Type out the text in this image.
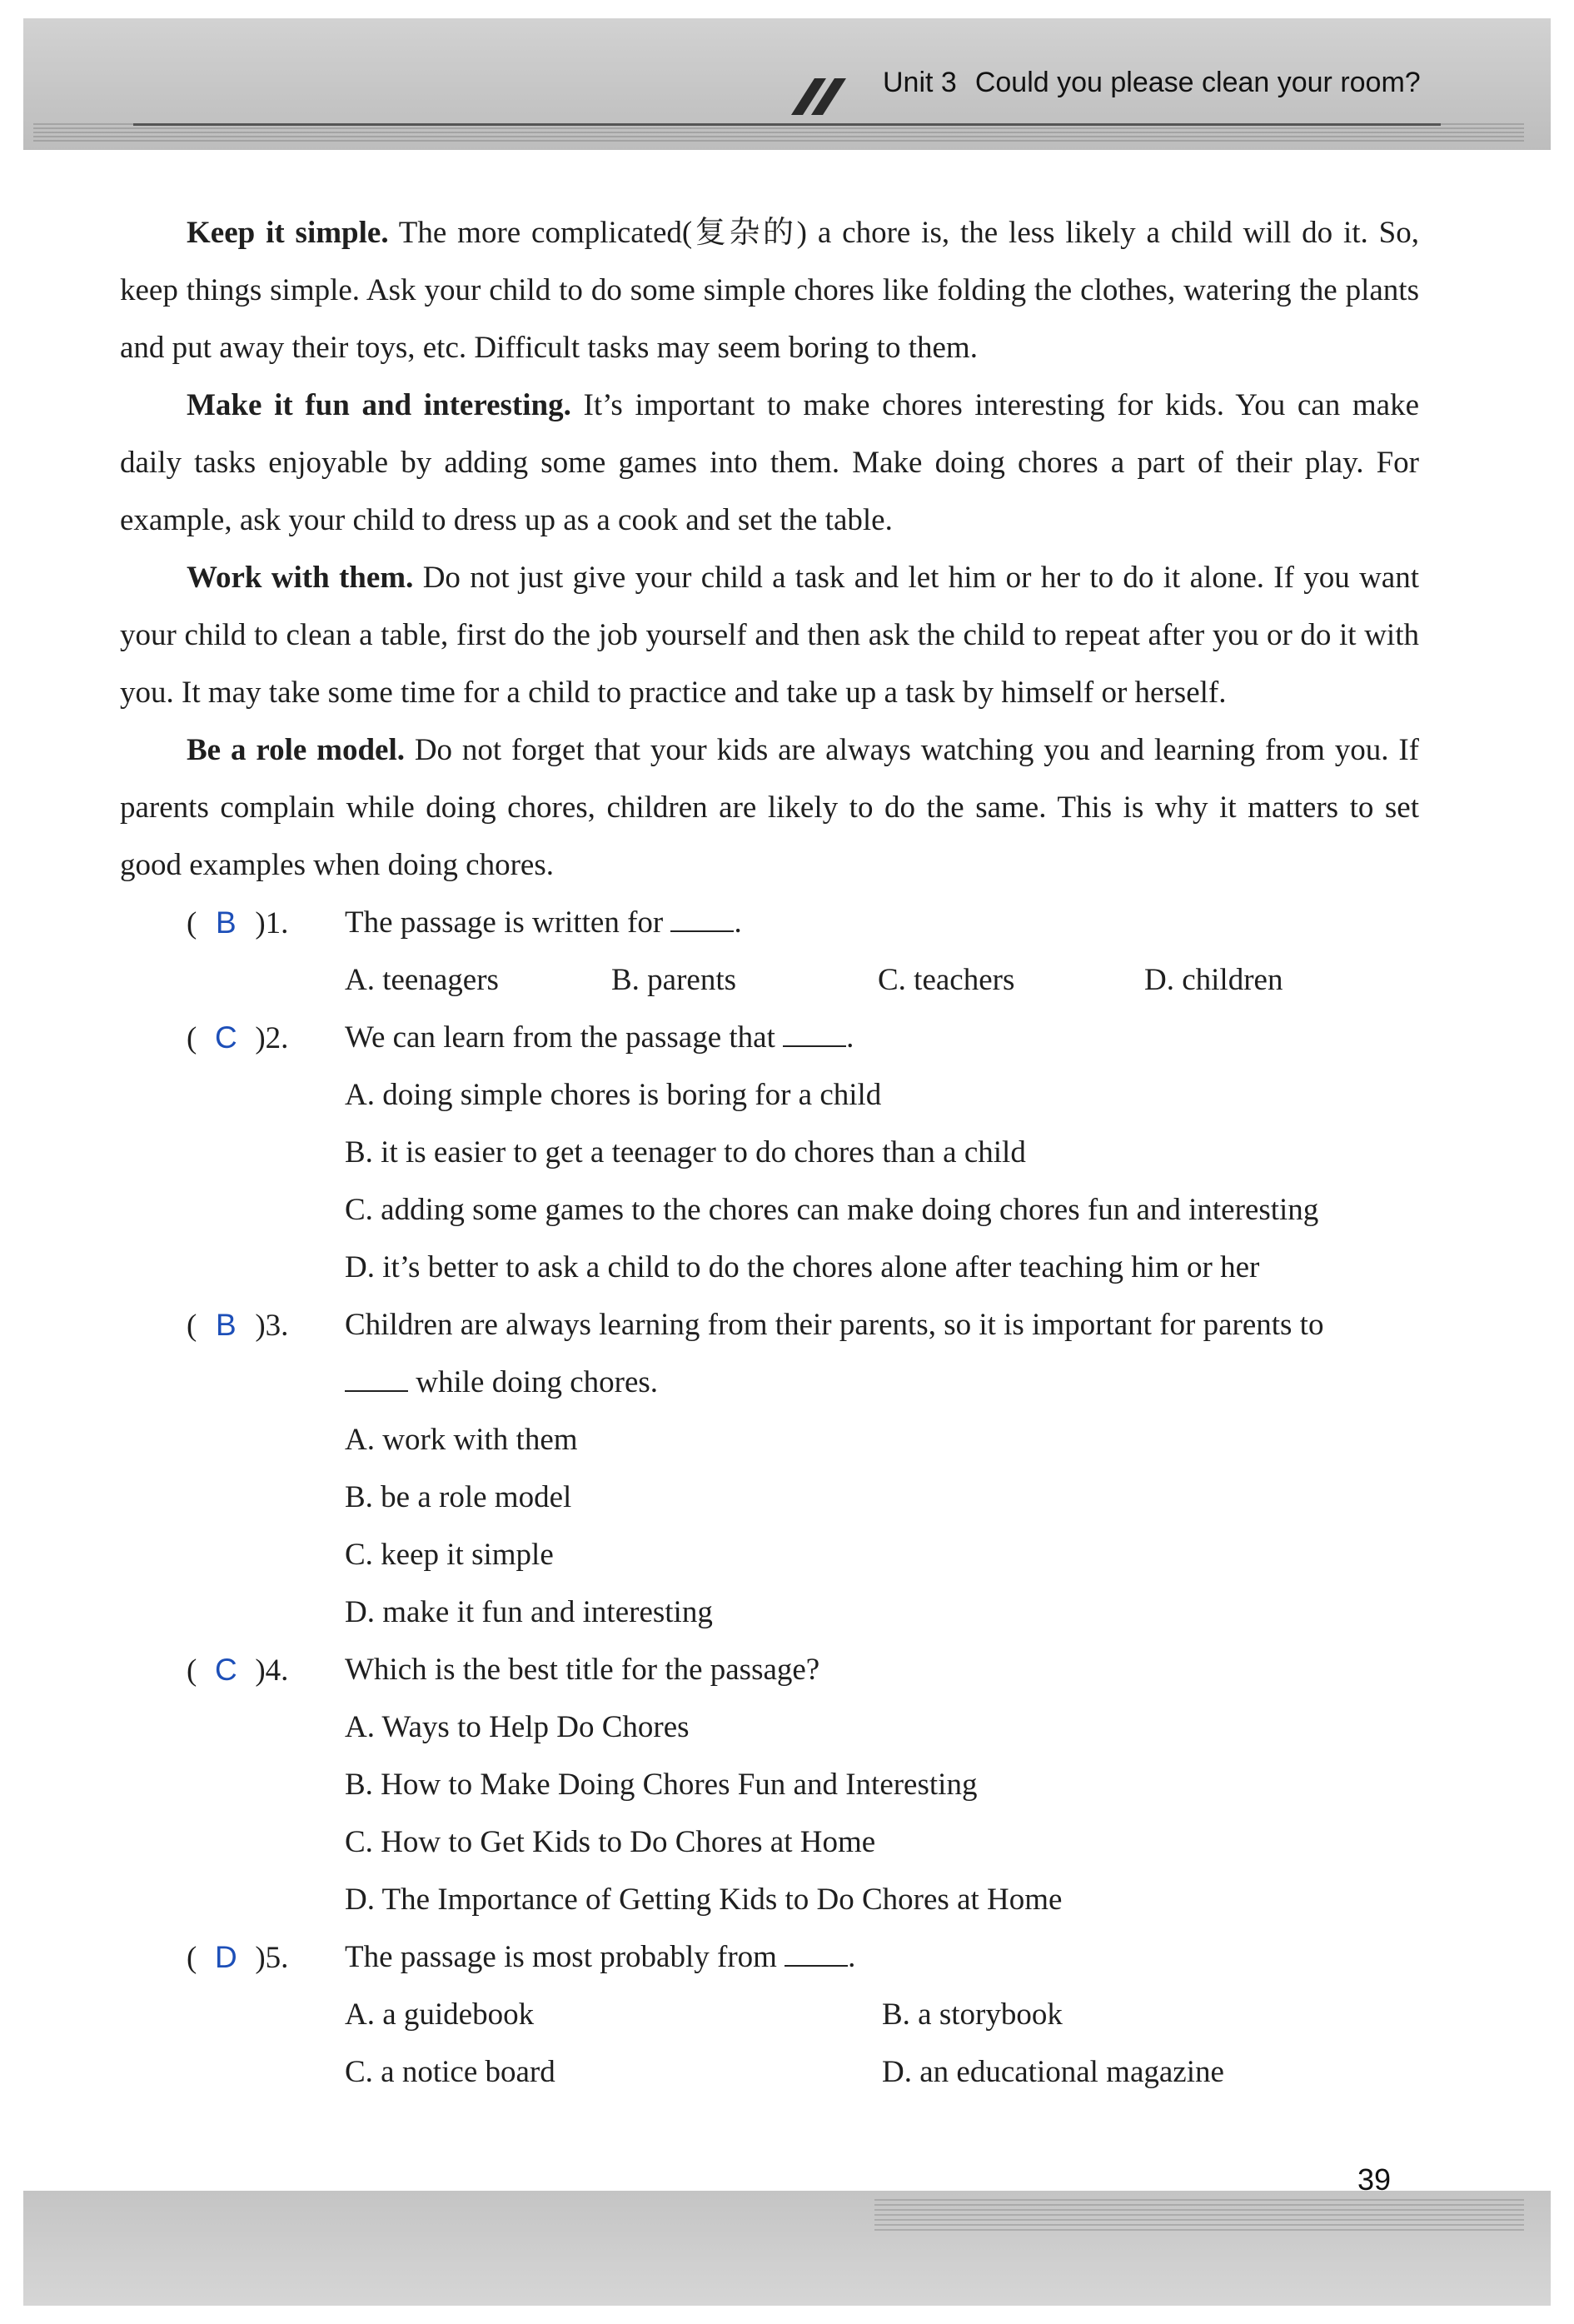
Unit 3 Could you please clean your room?

Keep it simple. The more complicated(复杂的) a chore is, the less likely a child will do it. So, keep things simple. Ask your child to do some simple chores like folding the clothes, watering the plants and put away their toys, etc. Difficult tasks may seem boring to them.

Make it fun and interesting. It’s important to make chores interesting for kids. You can make daily tasks enjoyable by adding some games into them. Make doing chores a part of their play. For example, ask your child to dress up as a cook and set the table.

Work with them. Do not just give your child a task and let him or her to do it alone. If you want your child to clean a table, first do the job yourself and then ask the child to repeat after you or do it with you. It may take some time for a child to practice and take up a task by himself or herself.

Be a role model. Do not forget that your kids are always watching you and learning from you. If parents complain while doing chores, children are likely to do the same. This is why it matters to set good examples when doing chores.

( B )1.	The passage is written for .
A. teenagers	B. parents	C. teachers	D. children
( C )2.	We can learn from the passage that .
A. doing simple chores is boring for a child
B. it is easier to get a teenager to do chores than a child
C. adding some games to the chores can make doing chores fun and interesting
D. it’s better to ask a child to do the chores alone after teaching him or her
( B )3.	Children are always learning from their parents, so it is important for parents to
while doing chores.
A. work with them
B. be a role model
C. keep it simple
D. make it fun and interesting
( C )4.	Which is the best title for the passage?
A. Ways to Help Do Chores
B. How to Make Doing Chores Fun and Interesting
C. How to Get Kids to Do Chores at Home
D. The Importance of Getting Kids to Do Chores at Home
( D )5.	The passage is most probably from .
A. a guidebook	B. a storybook
C. a notice board	D. an educational magazine
39
